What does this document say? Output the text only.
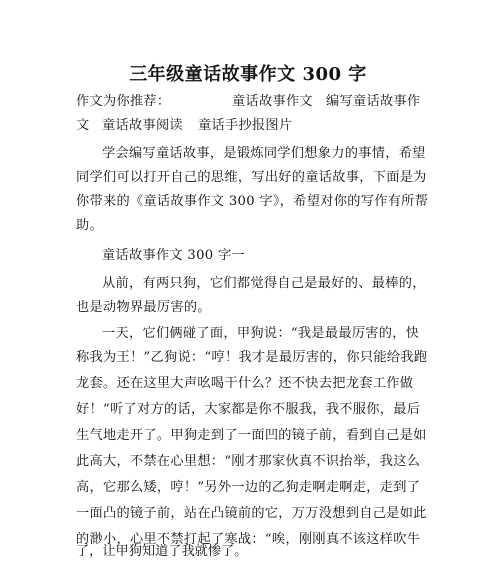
三年级童话故事作文 300 字
作文为你推荐：	童话故事作文 编写童话故事作
文 童话故事阅读 童话手抄报图片
学会编写童话故事，是锻炼同学们想象力的事情，希望
同学们可以打开自己的思维，写出好的童话故事，下面是为
你带来的《童话故事作文 300 字》，希望对你的写作有所帮
助。
童话故事作文 300 字一
从前，有两只狗，它们都觉得自己是最好的、最棒的，
也是动物界最厉害的。
一天，它们俩碰了面，甲狗说：“我是最最厉害的，快
称我为王！”乙狗说：“哼！我才是最厉害的，你只能给我跑
龙套。还在这里大声吆喝干什么？还不快去把龙套工作做
好！”听了对方的话，大家都是你不服我，我不服你，最后
生气地走开了。甲狗走到了一面凹的镜子前，看到自己是如
此高大，不禁在心里想：“刚才那家伙真不识抬举，我这么
高，它那么矮，哼！”另外一边的乙狗走啊走啊走，走到了
一面凸的镜子前，站在凸镜前的它，万万没想到自己是如此
的渺小，心里不禁打起了寒战：“唉，刚刚真不该这样吹牛
了，让甲狗知道了我就惨了。
